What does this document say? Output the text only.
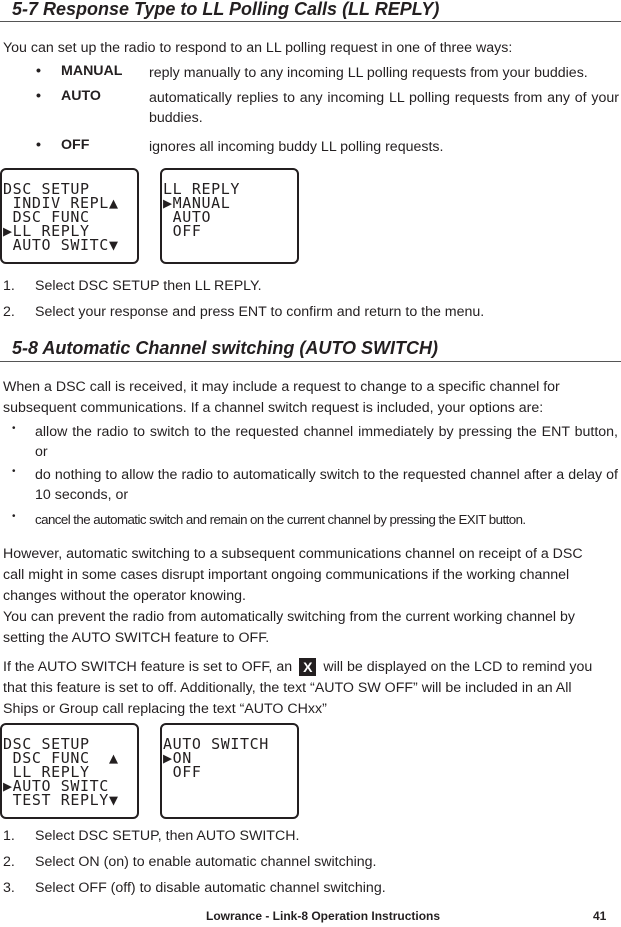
5-7 Response Type to LL Polling Calls (LL REPLY)
You can set up the radio to respond to an LL polling request in one of three ways:
• MANUAL reply manually to any incoming LL polling requests from your buddies.
• AUTO	automatically replies to any incoming LL polling requests from any of your buddies.
• OFF	ignores all incoming buddy LL polling requests.
DSC SETUP
INDIV REPL▲
DSC FUNC
▶LL REPLY
AUTO SWITC▼
LL REPLY
▶MANUAL
AUTO
OFF
1. Select DSC SETUP then LL REPLY.
2. Select your response and press ENT to confirm and return to the menu.
5-8 Automatic Channel switching (AUTO SWITCH)
When a DSC call is received, it may include a request to change to a specific channel for
subsequent communications. If a channel switch request is included, your options are:
• allow the radio to switch to the requested channel immediately by pressing the ENT button, or
• do nothing to allow the radio to automatically switch to the requested channel after a delay of 10 seconds, or
• cancel the automatic switch and remain on the current channel by pressing the EXIT button.
However, automatic switching to a subsequent communications channel on receipt of a DSC
call might in some cases disrupt important ongoing communications if the working channel
changes without the operator knowing.
You can prevent the radio from automatically switching from the current working channel by
setting the AUTO SWITCH feature to OFF.
If the AUTO SWITCH feature is set to OFF, an X will be displayed on the LCD to remind you
that this feature is set to off. Additionally, the text “AUTO SW OFF” will be included in an All
Ships or Group call replacing the text “AUTO CHxx”
DSC SETUP
DSC FUNC  ▲
LL REPLY
▶AUTO SWITC
TEST REPLY▼
AUTO SWITCH
▶ON
OFF
1. Select DSC SETUP, then AUTO SWITCH.
2. Select ON (on) to enable automatic channel switching.
3. Select OFF (off) to disable automatic channel switching.
Lowrance - Link-8 Operation Instructions	41
